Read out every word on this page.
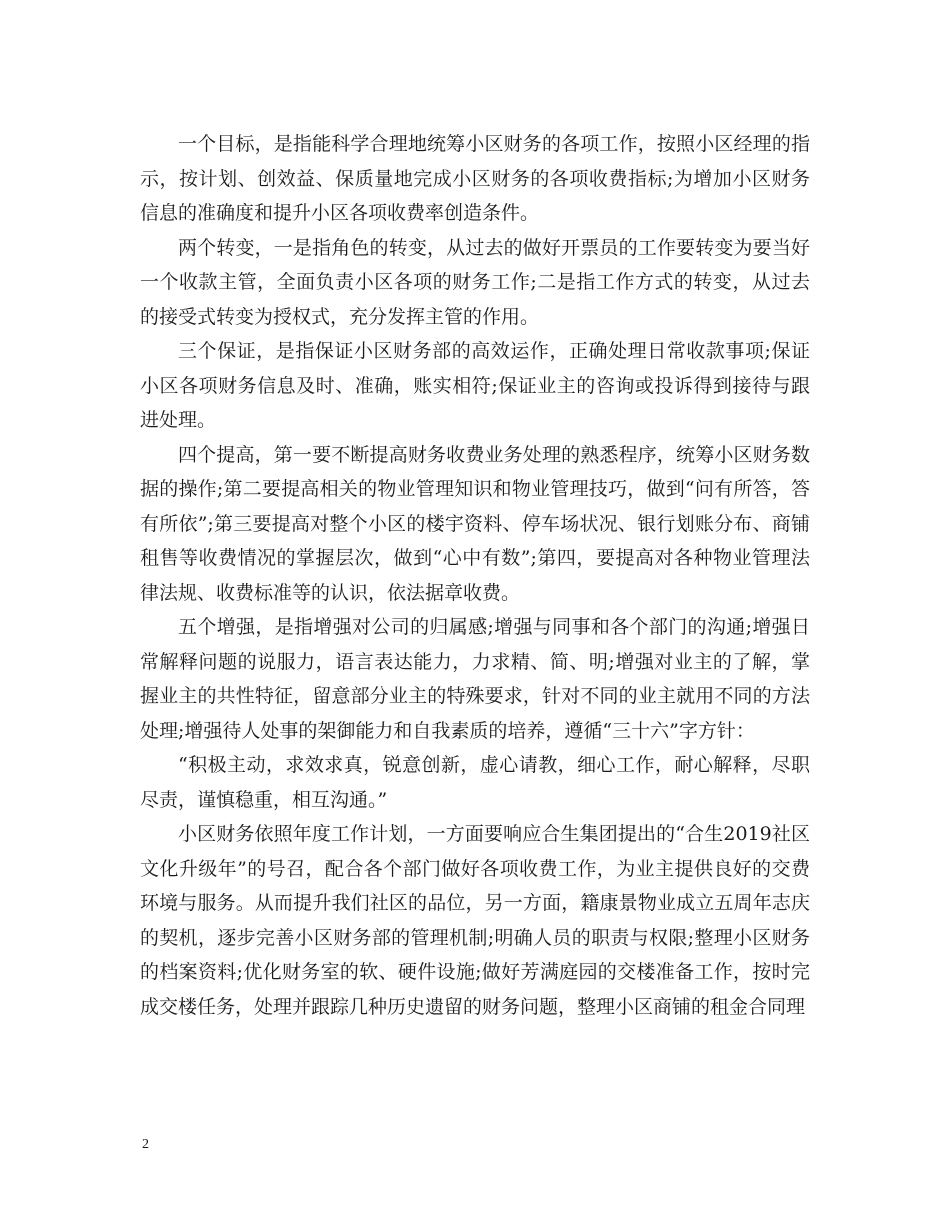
一个目标，是指能科学合理地统筹小区财务的各项工作，按照小区经理的指示，按计划、创效益、保质量地完成小区财务的各项收费指标;为增加小区财务信息的准确度和提升小区各项收费率创造条件。

两个转变，一是指角色的转变，从过去的做好开票员的工作要转变为要当好一个收款主管，全面负责小区各项的财务工作;二是指工作方式的转变，从过去的接受式转变为授权式，充分发挥主管的作用。

三个保证，是指保证小区财务部的高效运作，正确处理日常收款事项;保证小区各项财务信息及时、准确，账实相符;保证业主的咨询或投诉得到接待与跟进处理。

四个提高，第一要不断提高财务收费业务处理的熟悉程序，统筹小区财务数据的操作;第二要提高相关的物业管理知识和物业管理技巧，做到“问有所答，答有所依”;第三要提高对整个小区的楼宇资料、停车场状况、银行划账分布、商铺租售等收费情况的掌握层次，做到“心中有数”;第四，要提高对各种物业管理法律法规、收费标准等的认识，依法据章收费。

五个增强，是指增强对公司的归属感;增强与同事和各个部门的沟通;增强日常解释问题的说服力，语言表达能力，力求精、简、明;增强对业主的了解，掌握业主的共性特征，留意部分业主的特殊要求，针对不同的业主就用不同的方法处理;增强待人处事的架御能力和自我素质的培养，遵循“三十六”字方针：

“积极主动，求效求真，锐意创新，虚心请教，细心工作，耐心解释，尽职尽责，谨慎稳重，相互沟通。”

小区财务依照年度工作计划，一方面要响应合生集团提出的“合生2019社区文化升级年”的号召，配合各个部门做好各项收费工作，为业主提供良好的交费环境与服务。从而提升我们社区的品位，另一方面，籍康景物业成立五周年志庆的契机，逐步完善小区财务部的管理机制;明确人员的职责与权限;整理小区财务的档案资料;优化财务室的软、硬件设施;做好芳满庭园的交楼准备工作，按时完成交楼任务，处理并跟踪几种历史遗留的财务问题，整理小区商铺的租金合同理

2
